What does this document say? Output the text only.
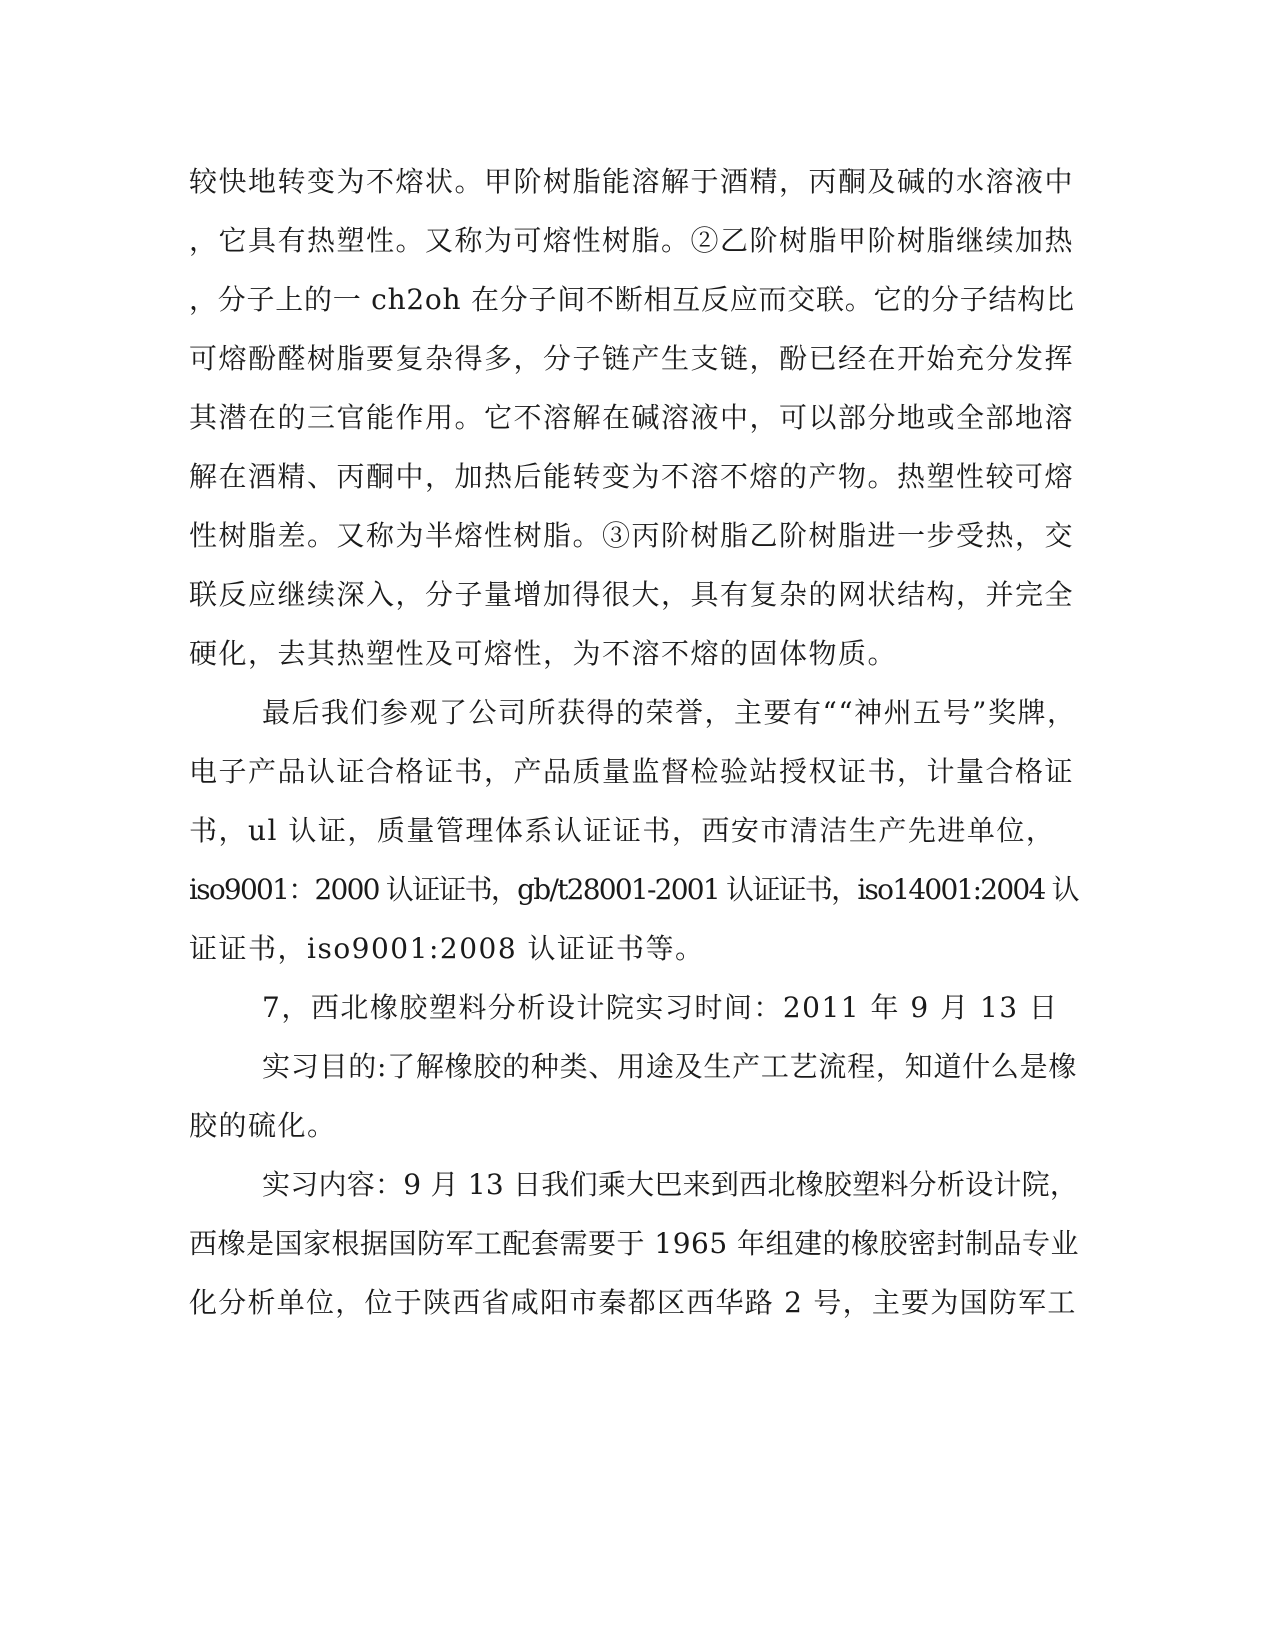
较快地转变为不熔状。甲阶树脂能溶解于酒精，丙酮及碱的水溶液中
，它具有热塑性。又称为可熔性树脂。②乙阶树脂甲阶树脂继续加热
，分子上的一 ch2oh 在分子间不断相互反应而交联。它的分子结构比
可熔酚醛树脂要复杂得多，分子链产生支链，酚已经在开始充分发挥
其潜在的三官能作用。它不溶解在碱溶液中，可以部分地或全部地溶
解在酒精、丙酮中，加热后能转变为不溶不熔的产物。热塑性较可熔
性树脂差。又称为半熔性树脂。③丙阶树脂乙阶树脂进一步受热，交
联反应继续深入，分子量增加得很大，具有复杂的网状结构，并完全
硬化，去其热塑性及可熔性，为不溶不熔的固体物质。
最后我们参观了公司所获得的荣誉，主要有““神州五号”奖牌，
电子产品认证合格证书，产品质量监督检验站授权证书，计量合格证
书，ul 认证，质量管理体系认证证书，西安市清洁生产先进单位，
iso9001：2000 认证证书，gb/t28001-2001 认证证书，iso14001:2004 认
证证书，iso9001:2008 认证证书等。
7，西北橡胶塑料分析设计院实习时间：2011 年 9 月 13 日
实习目的:了解橡胶的种类、用途及生产工艺流程，知道什么是橡
胶的硫化。
实习内容：9 月 13 日我们乘大巴来到西北橡胶塑料分析设计院，
西橡是国家根据国防军工配套需要于 1965 年组建的橡胶密封制品专业
化分析单位，位于陕西省咸阳市秦都区西华路 2 号，主要为国防军工
